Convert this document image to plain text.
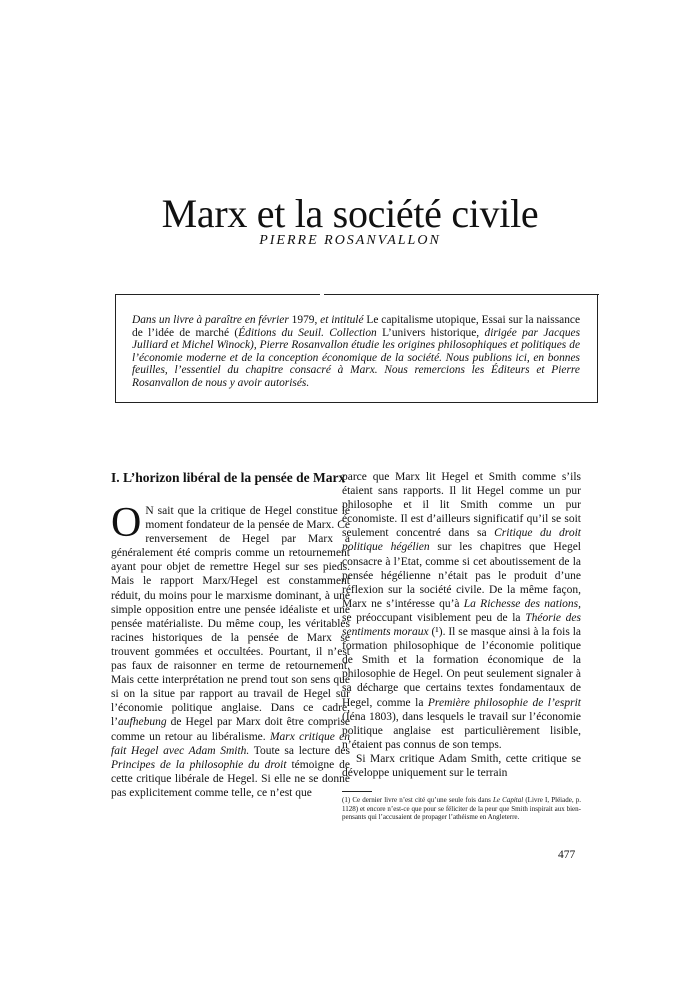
Marx et la société civile
PIERRE ROSANVALLON

Dans un livre à paraître en février 1979, et intitulé Le capitalisme utopique, Essai sur la naissance de l’idée de marché (Éditions du Seuil. Collection L’univers historique, dirigée par Jacques Julliard et Michel Winock), Pierre Rosanvallon étudie les origines philosophiques et politiques de l’économie moderne et de la conception économique de la société. Nous publions ici, en bonnes feuilles, l’essentiel du chapitre consacré à Marx. Nous remercions les Éditeurs et Pierre Rosanvallon de nous y avoir autorisés.

I. L’horizon libéral de la pensée de Marx

O N sait que la critique de Hegel constitue le moment fondateur de la pensée de Marx. Ce renversement de Hegel par Marx a généralement été compris comme un retournement ayant pour objet de remettre Hegel sur ses pieds. Mais le rapport Marx/Hegel est constamment réduit, du moins pour le marxisme dominant, à une simple opposition entre une pensée idéaliste et une pensée matérialiste. Du même coup, les véritables racines historiques de la pensée de Marx se trouvent gommées et occultées. Pourtant, il n’est pas faux de raisonner en terme de retournement. Mais cette interprétation ne prend tout son sens que si on la situe par rapport au travail de Hegel sur l’économie politique anglaise. Dans ce cadre, l’aufhebung de Hegel par Marx doit être comprise comme un retour au libéralisme. Marx critique en fait Hegel avec Adam Smith. Toute sa lecture des Principes de la philosophie du droit témoigne de cette critique libérale de Hegel. Si elle ne se donne pas explicitement comme telle, ce n’est que

parce que Marx lit Hegel et Smith comme s’ils étaient sans rapports. Il lit Hegel comme un pur philosophe et il lit Smith comme un pur économiste. Il est d’ailleurs significatif qu’il se soit seulement concentré dans sa Critique du droit politique hégélien sur les chapitres que Hegel consacre à l’Etat, comme si cet aboutissement de la pensée hégélienne n’était pas le produit d’une réflexion sur la société civile. De la même façon, Marx ne s’intéresse qu’à La Richesse des nations, se préoccupant visiblement peu de la Théorie des sentiments moraux (¹). Il se masque ainsi à la fois la formation philosophique de l’économie politique de Smith et la formation économique de la philosophie de Hegel. On peut seulement signaler à sa décharge que certains textes fondamentaux de Hegel, comme la Première philosophie de l’esprit (Iéna 1803), dans lesquels le travail sur l’économie politique anglaise est particulièrement lisible, n’étaient pas connus de son temps.

Si Marx critique Adam Smith, cette critique se développe uniquement sur le terrain

(1) Ce dernier livre n’est cité qu’une seule fois dans Le Capital (Livre I, Pléiade, p. 1128) et encore n’est-ce que pour se féliciter de la peur que Smith inspirait aux bien-pensants qui l’accusaient de propager l’athéisme en Angleterre.

477
